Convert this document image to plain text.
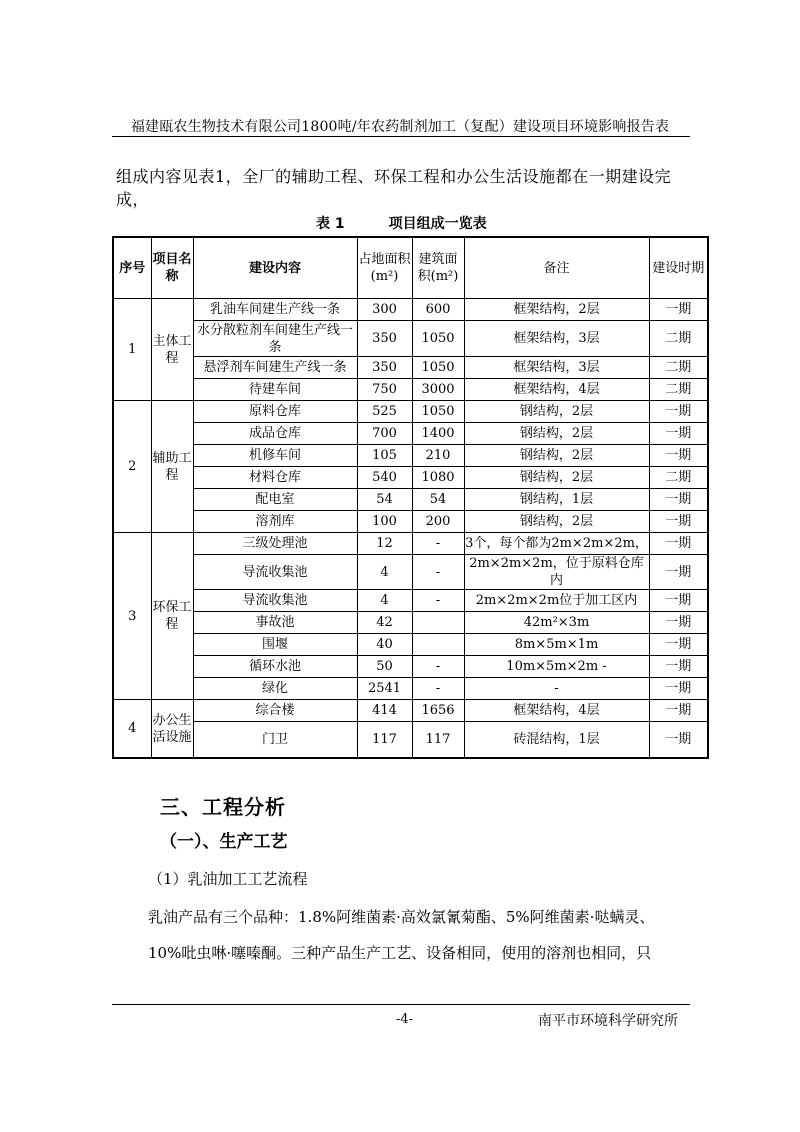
福建瓯农生物技术有限公司1800吨/年农药制剂加工（复配）建设项目环境影响报告表
组成内容见表1，全厂的辅助工程、环保工程和办公生活设施都在一期建设完成，
表 1	项目组成一览表
序号	项目名称	建设内容	占地面积(m²)	建筑面积(m²)	备注	建设时期
1	主体工程	乳油车间建生产线一条	300	600	框架结构，2层	一期
		水分散粒剂车间建生产线一条	350	1050	框架结构，3层	二期
		悬浮剂车间建生产线一条	350	1050	框架结构，3层	二期
		待建车间	750	3000	框架结构，4层	二期
2	辅助工程	原料仓库	525	1050	钢结构，2层	一期
		成品仓库	700	1400	钢结构，2层	一期
		机修车间	105	210	钢结构，2层	一期
		材料仓库	540	1080	钢结构，2层	二期
		配电室	54	54	钢结构，1层	一期
		溶剂库	100	200	钢结构，2层	一期
3	环保工程	三级处理池	12	-	3个，每个都为2m×2m×2m，	一期
		导流收集池	4	-	2m×2m×2m，位于原料仓库内	一期
		导流收集池	4	-	2m×2m×2m位于加工区内	一期
		事故池	42		42m²×3m	一期
		围堰	40		8m×5m×1m	一期
		循环水池	50	-	10m×5m×2m -	一期
		绿化	2541	-	-	一期
4	办公生活设施	综合楼	414	1656	框架结构，4层	一期
		门卫	117	117	砖混结构，1层	一期
三、工程分析
（一）、生产工艺
（1）乳油加工工艺流程
乳油产品有三个品种：1.8%阿维菌素·高效氯氰菊酯、5%阿维菌素·哒螨灵、
10%吡虫啉·噻嗪酮。三种产品生产工艺、设备相同，使用的溶剂也相同，只
-4-	南平市环境科学研究所
